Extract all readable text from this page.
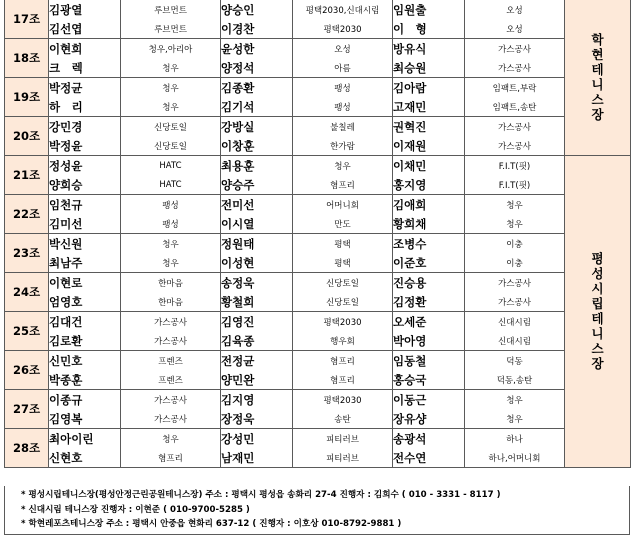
17조	김광열	루브먼트	양승인	평택2030,신대시림	임원출	오성	학현테니스장
	김선엽	루브먼트	이경찬	평택2030	이　형	오성	
18조	이현희	청우,아리아	윤성한	오성	방유식	가스공사	
	크　렉	청우	양정석	아름	최승원	가스공사	
19조	박정균	청우	김종환	팽성	김아람	임팩트,부락	
	하　리	청우	김기석	팽성	고재민	임팩트,송탄	
20조	강민경	신당토일	강방실	불칠레	권혁진	가스공사	
	박정윤	신당토일	이창훈	한가람	이재원	가스공사	
21조	정성윤	HATC	최용훈	청우	이채민	F.I.T(핏)	평성시립테니스장
	양희승	HATC	양승주	혐프리	홍지영	F.I.T(핏)	
22조	임천규	팽성	전미선	어머니회	김애희	청우	
	김미선	팽성	이시열	만도	황희채	청우	
23조	박신원	청우	정원태	평택	조병수	이충	
	최남주	청우	이성현	평택	이준호	이충	
24조	이현로	한마음	송정욱	신당토일	진승용	가스공사	
	엄영호	한마음	황철희	신당토일	김정환	가스공사	
25조	김대건	가스공사	김영진	평택2030	오세준	신대시림	
	김로환	가스공사	김육종	행우회	박아영	신대시림	
26조	신민호	프렌즈	전정균	혐프리	임동철	덕동	
	박종훈	프렌즈	양민완	혐프리	홍승국	덕동,송탄	
27조	이종규	가스공사	김지영	평택2030	이동근	청우	
	김영복	가스공사	장정욱	송탄	장유샹	청우	
28조	최아이린	청우	강성민	피티러브	송광석	하나	
	신현호	혐프리	남재민	피티러브	전수연	하나,어머니회	
* 평성시립테니스장(평성안정근린공원테니스장) 주소 : 평택시 평성읍 송화리 27-4 진행자 : 김희수 ( 010 - 3331 - 8117 )
* 신대시림 테니스장 진행자 : 이현준 ( 010-9700-5285 )
* 학현레포츠테니스장 주소 : 평택시 안중읍 현화리 637-12 ( 진행자 : 이호상 010-8792-9881 )
